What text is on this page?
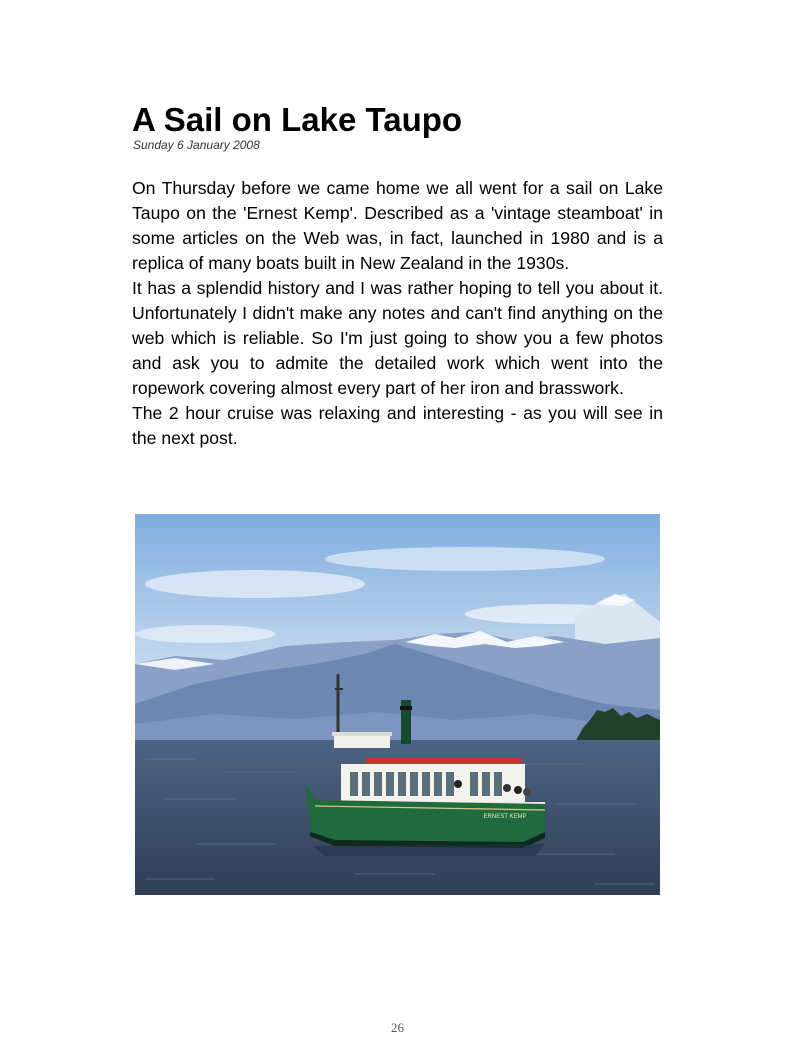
A Sail on Lake Taupo
Sunday 6 January 2008

On Thursday before we came home we all went for a sail on Lake Taupo on the 'Ernest Kemp'. Described as a 'vintage steamboat' in some articles on the Web was, in fact, launched in 1980 and is a replica of many boats built in New Zealand in the 1930s.

It has a splendid history and I was rather hoping to tell you about it. Unfortunately I didn't make any notes and can't find anything on the web which is reliable. So I'm just going to show you a few photos and ask you to admite the detailed work which went into the ropework covering almost every part of her iron and brasswork.

The 2 hour cruise was relaxing and interesting - as you will see in the next post.

ERNEST KEMP
26
